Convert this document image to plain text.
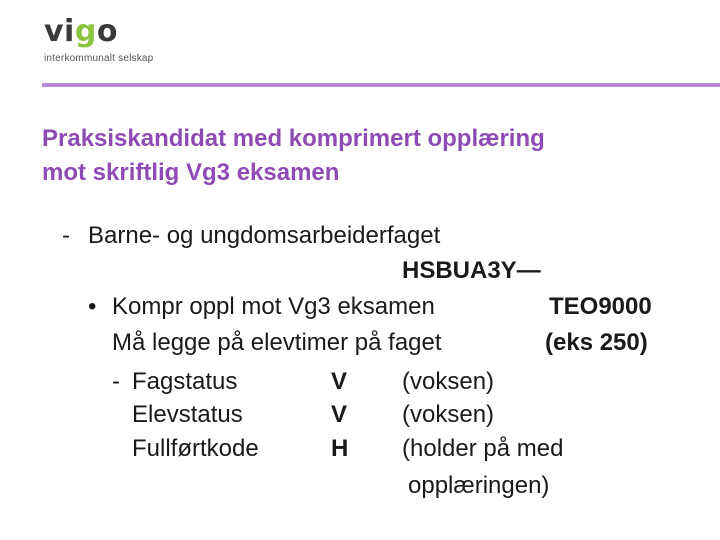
vigo
interkommunalt selskap
Praksiskandidat med komprimert opplæring
mot skriftlig Vg3 eksamen
- Barne- og ungdomsarbeiderfaget
HSBUA3Y—
• Kompr oppl mot Vg3 eksamen	TEO9000
Må legge på elevtimer på faget	(eks 250)
- Fagstatus	V (voksen)
Elevstatus	V (voksen)
Fullførtkode	H (holder på med
opplæringen)
